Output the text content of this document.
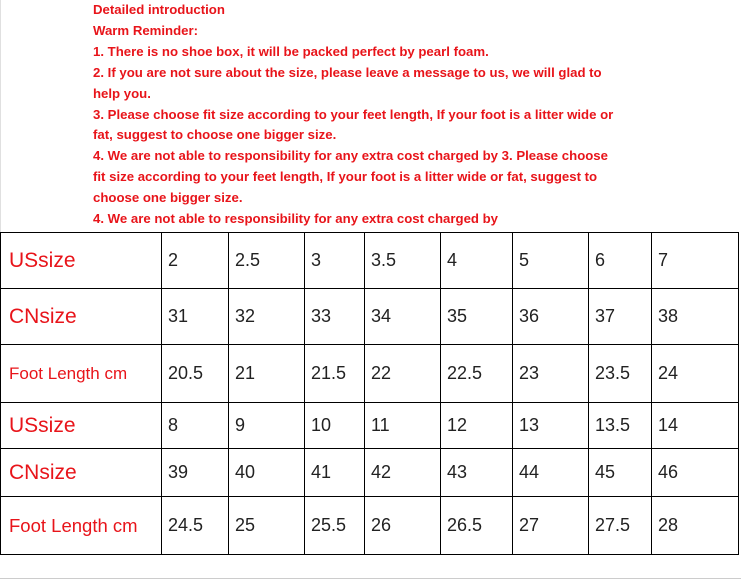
Detailed introduction
Warm Reminder:
1. There is no shoe box, it will be packed perfect by pearl foam.
2. If you are not sure about the size, please leave a message to us, we will glad to
help you.
3. Please choose fit size according to your feet length, If your foot is a litter wide or
fat, suggest to choose one bigger size.
4. We are not able to responsibility for any extra cost charged by 3. Please choose
fit size according to your feet length, If your foot is a litter wide or fat, suggest to
choose one bigger size.
4. We are not able to responsibility for any extra cost charged by
USsize	2	2.5	3	3.5	4	5	6	7
CNsize	31	32	33	34	35	36	37	38
Foot Length cm	20.5	21	21.5	22	22.5	23	23.5	24
USsize	8	9	10	11	12	13	13.5	14
CNsize	39	40	41	42	43	44	45	46
Foot Length cm	24.5	25	25.5	26	26.5	27	27.5	28
